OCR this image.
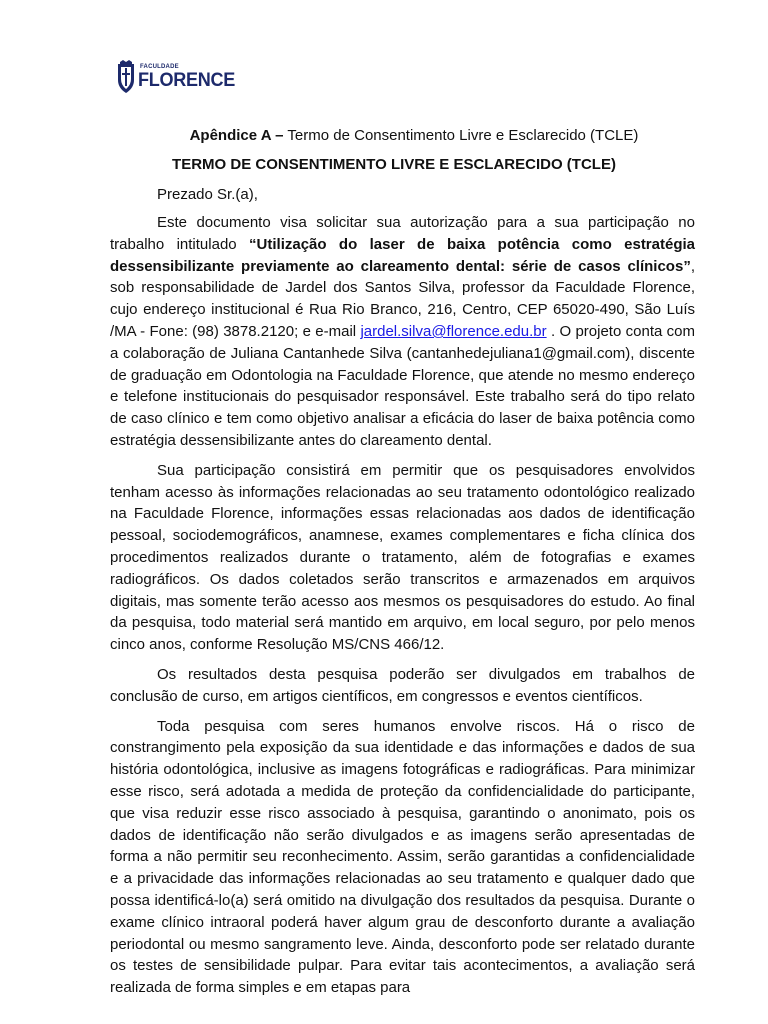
FACULDADE
FLORENCE
Apêndice A – Termo de Consentimento Livre e Esclarecido (TCLE)
TERMO DE CONSENTIMENTO LIVRE E ESCLARECIDO (TCLE)
Prezado Sr.(a),

Este documento visa solicitar sua autorização para a sua participação no trabalho intitulado “Utilização do laser de baixa potência como estratégia dessensibilizante previamente ao clareamento dental: série de casos clínicos”, sob responsabilidade de Jardel dos Santos Silva, professor da Faculdade Florence, cujo endereço institucional é Rua Rio Branco, 216, Centro, CEP 65020-490, São Luís /MA - Fone: (98) 3878.2120; e e-mail jardel.silva@florence.edu.br . O projeto conta com a colaboração de Juliana Cantanhede Silva (cantanhedejuliana1@gmail.com), discente de graduação em Odontologia na Faculdade Florence, que atende no mesmo endereço e telefone institucionais do pesquisador responsável. Este trabalho será do tipo relato de caso clínico e tem como objetivo analisar a eficácia do laser de baixa potência como estratégia dessensibilizante antes do clareamento dental.

Sua participação consistirá em permitir que os pesquisadores envolvidos tenham acesso às informações relacionadas ao seu tratamento odontológico realizado na Faculdade Florence, informações essas relacionadas aos dados de identificação pessoal, sociodemográficos, anamnese, exames complementares e ficha clínica dos procedimentos realizados durante o tratamento, além de fotografias e exames radiográficos. Os dados coletados serão transcritos e armazenados em arquivos digitais, mas somente terão acesso aos mesmos os pesquisadores do estudo. Ao final da pesquisa, todo material será mantido em arquivo, em local seguro, por pelo menos cinco anos, conforme Resolução MS/CNS 466/12.

Os resultados desta pesquisa poderão ser divulgados em trabalhos de conclusão de curso, em artigos científicos, em congressos e eventos científicos.

Toda pesquisa com seres humanos envolve riscos. Há o risco de constrangimento pela exposição da sua identidade e das informações e dados de sua história odontológica, inclusive as imagens fotográficas e radiográficas. Para minimizar esse risco, será adotada a medida de proteção da confidencialidade do participante, que visa reduzir esse risco associado à pesquisa, garantindo o anonimato, pois os dados de identificação não serão divulgados e as imagens serão apresentadas de forma a não permitir seu reconhecimento. Assim, serão garantidas a confidencialidade e a privacidade das informações relacionadas ao seu tratamento e qualquer dado que possa identificá-lo(a) será omitido na divulgação dos resultados da pesquisa. Durante o exame clínico intraoral poderá haver algum grau de desconforto durante a avaliação periodontal ou mesmo sangramento leve. Ainda, desconforto pode ser relatado durante os testes de sensibilidade pulpar. Para evitar tais acontecimentos, a avaliação será realizada de forma simples e em etapas para
